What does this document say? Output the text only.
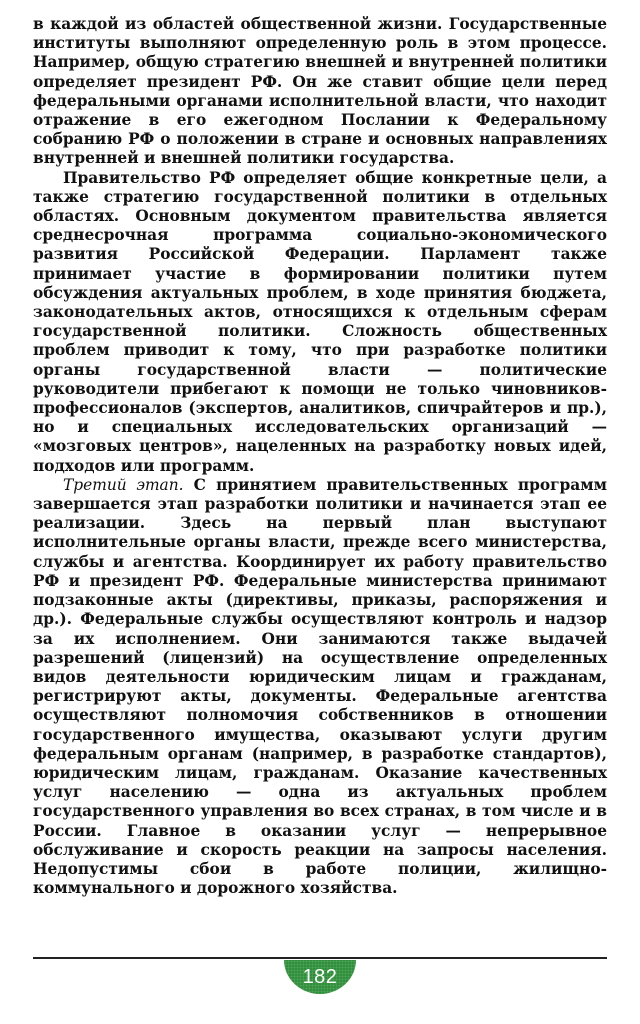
в каждой из областей общественной жизни. Государственные институты выполняют определенную роль в этом процессе. Например, общую стратегию внешней и внутренней политики определяет президент РФ. Он же ставит общие цели перед федеральными органами исполнительной власти, что находит отражение в его ежегодном Послании к Федеральному собранию РФ о положении в стране и основных направлениях внутренней и внешней политики государства.

Правительство РФ определяет общие конкретные цели, а также стратегию государственной политики в отдельных областях. Основным документом правительства является среднесрочная программа социально-экономического развития Российской Федерации. Парламент также принимает участие в формировании политики путем обсуждения актуальных проблем, в ходе принятия бюджета, законодательных актов, относящихся к отдельным сферам государственной политики. Сложность общественных проблем приводит к тому, что при разработке политики органы государственной власти — политические руководители прибегают к помощи не только чиновников-профессионалов (экспертов, аналитиков, спичрайтеров и пр.), но и специальных исследовательских организаций — «мозговых центров», нацеленных на разработку новых идей, подходов или программ.

Третий этап. С принятием правительственных программ завершается этап разработки политики и начинается этап ее реализации. Здесь на первый план выступают исполнительные органы власти, прежде всего министерства, службы и агентства. Координирует их работу правительство РФ и президент РФ. Федеральные министерства принимают подзаконные акты (директивы, приказы, распоряжения и др.). Федеральные службы осуществляют контроль и надзор за их исполнением. Они занимаются также выдачей разрешений (лицензий) на осуществление определенных видов деятельности юридическим лицам и гражданам, регистрируют акты, документы. Федеральные агентства осуществляют полномочия собственников в отношении государственного имущества, оказывают услуги другим федеральным органам (например, в разработке стандартов), юридическим лицам, гражданам. Оказание качественных услуг населению — одна из актуальных проблем государственного управления во всех странах, в том числе и в России. Главное в оказании услуг — непрерывное обслуживание и скорость реакции на запросы населения. Недопустимы сбои в работе полиции, жилищно-коммунального и дорожного хозяйства.

182
